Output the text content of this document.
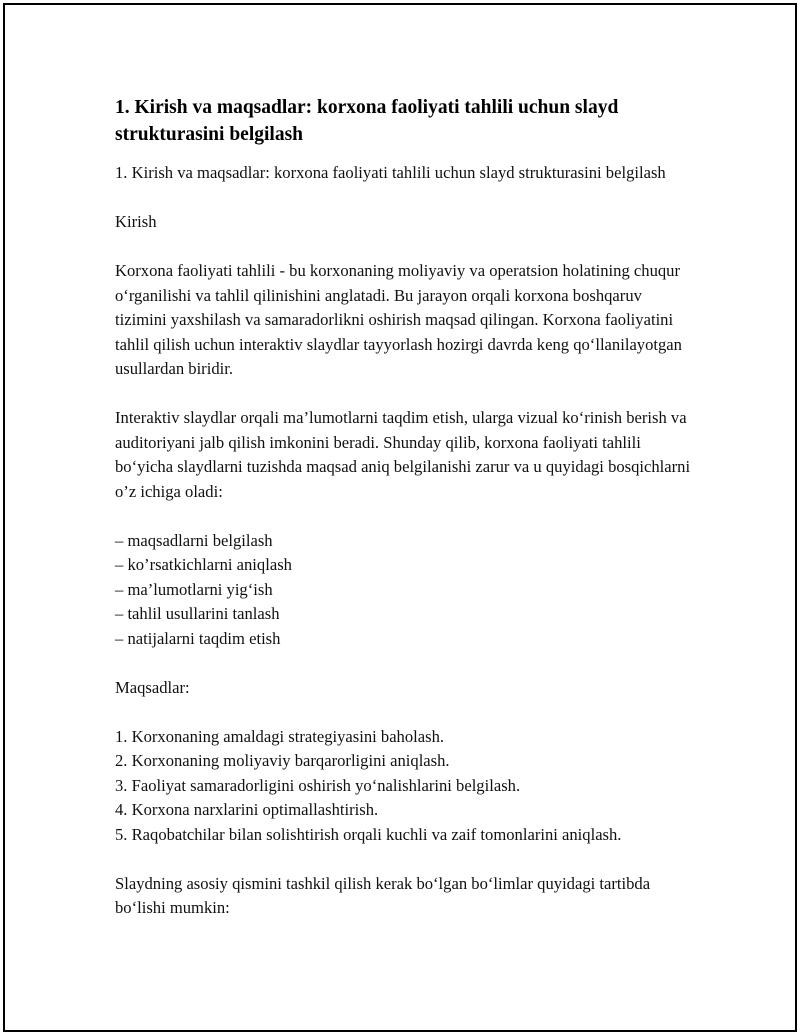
1. Kirish va maqsadlar: korxona faoliyati tahlili uchun slayd strukturasini belgilash

1. Kirish va maqsadlar: korxona faoliyati tahlili uchun slayd strukturasini belgilash

Kirish

Korxona faoliyati tahlili - bu korxonaning moliyaviy va operatsion holatining chuqur o‘rganilishi va tahlil qilinishini anglatadi. Bu jarayon orqali korxona boshqaruv tizimini yaxshilash va samaradorlikni oshirish maqsad qilingan. Korxona faoliyatini tahlil qilish uchun interaktiv slaydlar tayyorlash hozirgi davrda keng qo‘llanilayotgan usullardan biridir.

Interaktiv slaydlar orqali ma’lumotlarni taqdim etish, ularga vizual ko‘rinish berish va auditoriyani jalb qilish imkonini beradi. Shunday qilib, korxona faoliyati tahlili bo‘yicha slaydlarni tuzishda maqsad aniq belgilanishi zarur va u quyidagi bosqichlarni o’z ichiga oladi:

– maqsadlarni belgilash
– ko’rsatkichlarni aniqlash
– ma’lumotlarni yig‘ish
– tahlil usullarini tanlash
– natijalarni taqdim etish

Maqsadlar:

1. Korxonaning amaldagi strategiyasini baholash.
2. Korxonaning moliyaviy barqarorligini aniqlash.
3. Faoliyat samaradorligini oshirish yo‘nalishlarini belgilash.
4. Korxona narxlarini optimallashtirish.
5. Raqobatchilar bilan solishtirish orqali kuchli va zaif tomonlarini aniqlash.

Slaydning asosiy qismini tashkil qilish kerak bo‘lgan bo‘limlar quyidagi tartibda bo‘lishi mumkin:
